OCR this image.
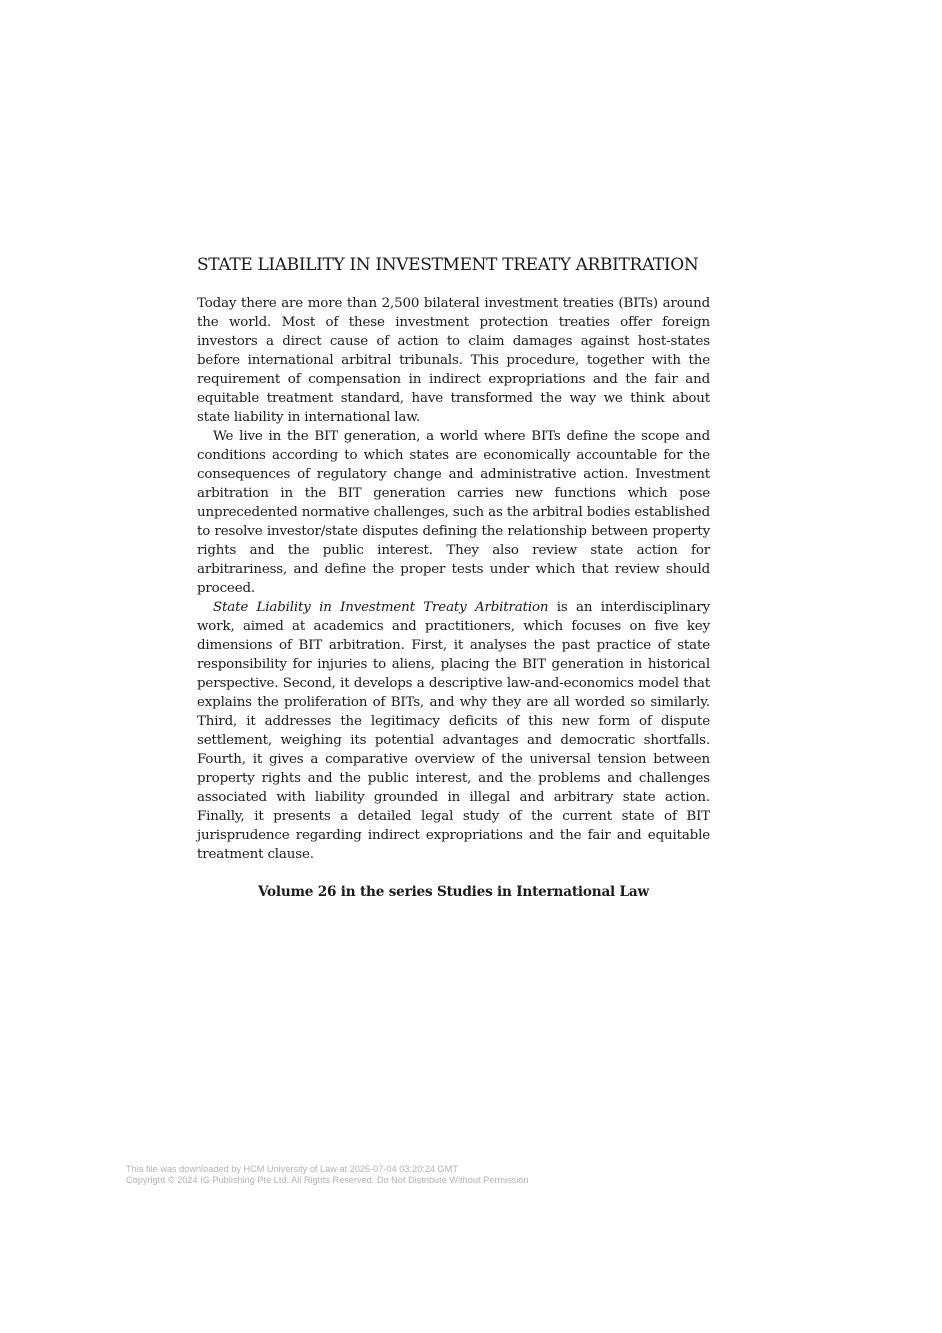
STATE LIABILITY IN INVESTMENT TREATY ARBITRATION

Today there are more than 2,500 bilateral investment treaties (BITs) around the world. Most of these investment protection treaties offer foreign investors a direct cause of action to claim damages against host-states before international arbitral tribunals. This procedure, together with the requirement of compensation in indirect expropriations and the fair and equitable treatment standard, have transformed the way we think about state liability in international law.

We live in the BIT generation, a world where BITs define the scope and conditions according to which states are economically accountable for the consequences of regulatory change and administrative action. Investment arbitration in the BIT generation carries new functions which pose unprecedented normative challenges, such as the arbitral bodies established to resolve investor/state disputes defining the relationship between property rights and the public interest. They also review state action for arbitrariness, and define the proper tests under which that review should proceed.

State Liability in Investment Treaty Arbitration is an interdisciplinary work, aimed at academics and practitioners, which focuses on five key dimensions of BIT arbitration. First, it analyses the past practice of state responsibility for injuries to aliens, placing the BIT generation in historical perspective. Second, it develops a descriptive law-and-economics model that explains the proliferation of BITs, and why they are all worded so similarly. Third, it addresses the legitimacy deficits of this new form of dispute settlement, weighing its potential advantages and democratic shortfalls. Fourth, it gives a comparative overview of the universal tension between property rights and the public interest, and the problems and challenges associated with liability grounded in illegal and arbitrary state action. Finally, it presents a detailed legal study of the current state of BIT jurisprudence regarding indirect expropriations and the fair and equitable treatment clause.

Volume 26 in the series Studies in International Law

This file was downloaded by HCM University of Law at 2025-07-04 03:20:24 GMT
Copyright © 2024 IG Publishing Pte Ltd. All Rights Reserved. Do Not Distribute Without Permission
